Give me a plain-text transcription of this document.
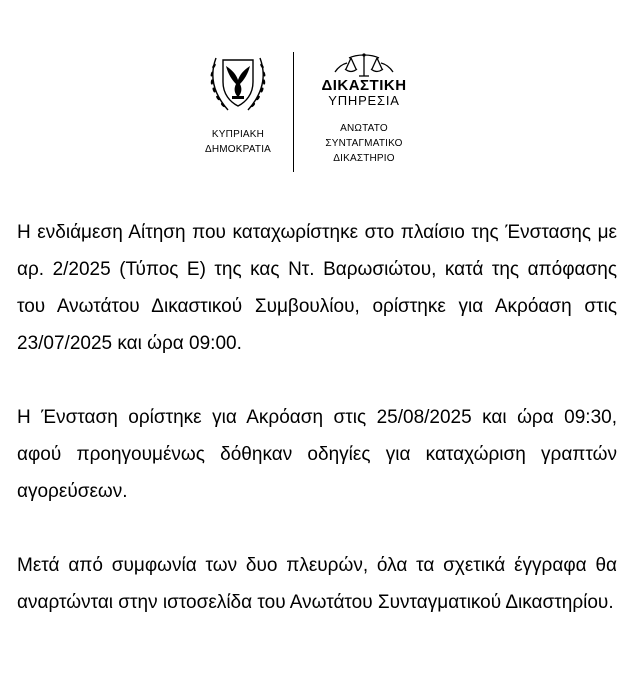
ΚΥΠΡΙΑΚΗ
ΔΗΜΟΚΡΑΤΙΑ
ΔΙΚΑΣΤΙΚΗ
ΥΠΗΡΕΣΙΑ
ΑΝΩΤΑΤΟ
ΣΥΝΤΑΓΜΑΤΙΚΟ
ΔΙΚΑΣΤΗΡΙΟ

Η ενδιάμεση Αίτηση που καταχωρίστηκε στο πλαίσιο της Ένστασης με αρ. 2/2025 (Τύπος Ε) της κας Ντ. Βαρωσιώτου, κατά της απόφασης του Ανωτάτου Δικαστικού Συμβουλίου, ορίστηκε για Ακρόαση στις 23/07/2025 και ώρα 09:00.

Η Ένσταση ορίστηκε για Ακρόαση στις 25/08/2025 και ώρα 09:30, αφού προηγουμένως δόθηκαν οδηγίες για καταχώριση γραπτών αγορεύσεων.

Μετά από συμφωνία των δυο πλευρών, όλα τα σχετικά έγγραφα θα αναρτώνται στην ιστοσελίδα του Ανωτάτου Συνταγματικού Δικαστηρίου.
